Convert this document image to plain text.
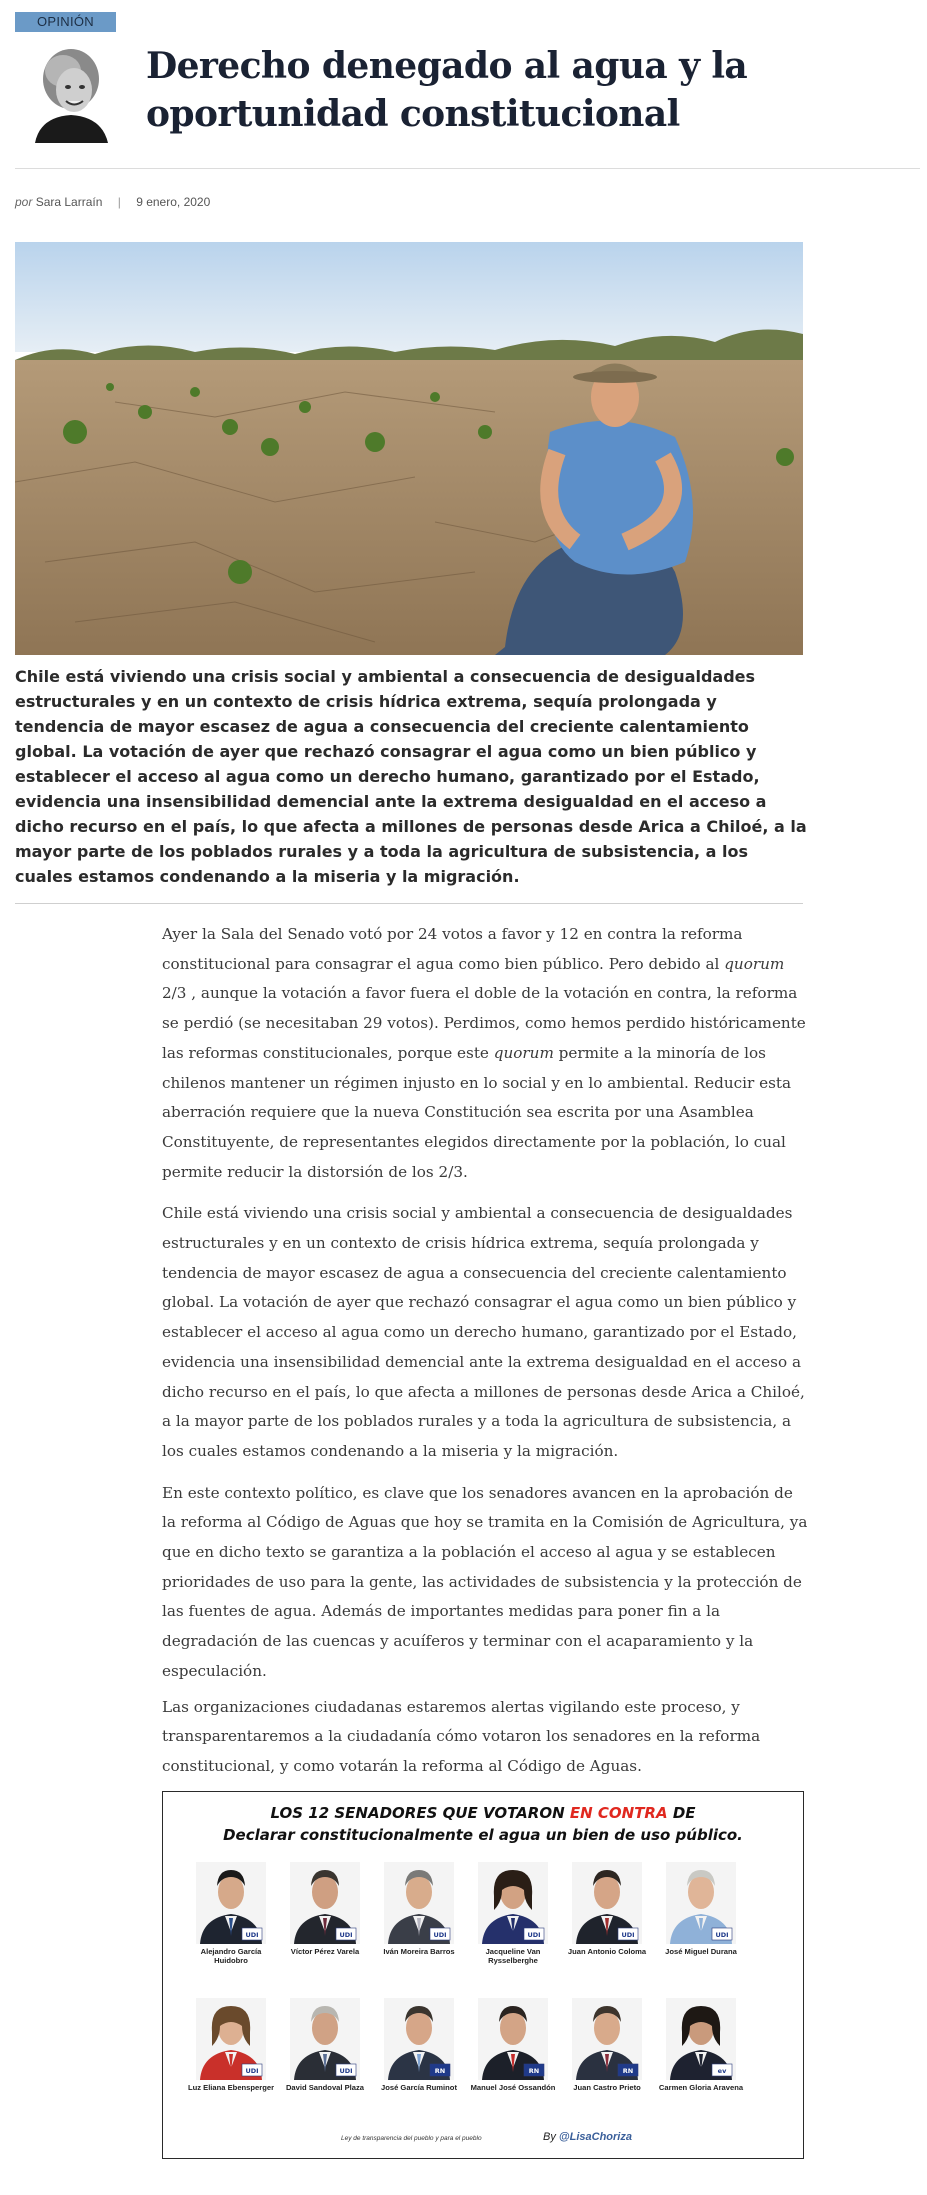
OPINIÓN
Derecho denegado al agua y la oportunidad constitucional
por Sara Larraín | 9 enero, 2020

Chile está viviendo una crisis social y ambiental a consecuencia de desigualdades estructurales y en un contexto de crisis hídrica extrema, sequía prolongada y tendencia de mayor escasez de agua a consecuencia del creciente calentamiento global. La votación de ayer que rechazó consagrar el agua como un bien público y establecer el acceso al agua como un derecho humano, garantizado por el Estado, evidencia una insensibilidad demencial ante la extrema desigualdad en el acceso a dicho recurso en el país, lo que afecta a millones de personas desde Arica a Chiloé, a la mayor parte de los poblados rurales y a toda la agricultura de subsistencia, a los cuales estamos condenando a la miseria y la migración.

Ayer la Sala del Senado votó por 24 votos a favor y 12 en contra la reforma constitucional para consagrar el agua como bien público. Pero debido al quorum 2/3 , aunque la votación a favor fuera el doble de la votación en contra, la reforma se perdió (se necesitaban 29 votos). Perdimos, como hemos perdido históricamente las reformas constitucionales, porque este quorum permite a la minoría de los chilenos mantener un régimen injusto en lo social y en lo ambiental. Reducir esta aberración requiere que la nueva Constitución sea escrita por una Asamblea Constituyente, de representantes elegidos directamente por la población, lo cual permite reducir la distorsión de los 2/3.

Chile está viviendo una crisis social y ambiental a consecuencia de desigualdades estructurales y en un contexto de crisis hídrica extrema, sequía prolongada y tendencia de mayor escasez de agua a consecuencia del creciente calentamiento global. La votación de ayer que rechazó consagrar el agua como un bien público y establecer el acceso al agua como un derecho humano, garantizado por el Estado, evidencia una insensibilidad demencial ante la extrema desigualdad en el acceso a dicho recurso en el país, lo que afecta a millones de personas desde Arica a Chiloé, a la mayor parte de los poblados rurales y a toda la agricultura de subsistencia, a los cuales estamos condenando a la miseria y la migración.

En este contexto político, es clave que los senadores avancen en la aprobación de la reforma al Código de Aguas que hoy se tramita en la Comisión de Agricultura, ya que en dicho texto se garantiza a la población el acceso al agua y se establecen prioridades de uso para la gente, las actividades de subsistencia y la protección de las fuentes de agua. Además de importantes medidas para poner fin a la degradación de las cuencas y acuíferos y terminar con el acaparamiento y la especulación.

Las organizaciones ciudadanas estaremos alertas vigilando este proceso, y transparentaremos a la ciudadanía cómo votaron los senadores en la reforma constitucional, y como votarán la reforma al Código de Aguas.

LOS 12 SENADORES QUE VOTARON EN CONTRA DE
Declarar constitucionalmente el agua un bien de uso público.
UDI
Alejandro García Huidobro
UDI
Víctor Pérez Varela
UDI
Iván Moreira Barros
UDI
Jacqueline Van Rysselberghe
UDI
Juan Antonio Coloma
UDI
José Miguel Durana
UDI
Luz Eliana Ebensperger
UDI
David Sandoval Plaza
RN
José García Ruminot
RN
Manuel José Ossandón
RN
Juan Castro Prieto
ev
Carmen Gloria Aravena
Ley de transparencia del pueblo y para el pueblo	By @LisaChoriza
